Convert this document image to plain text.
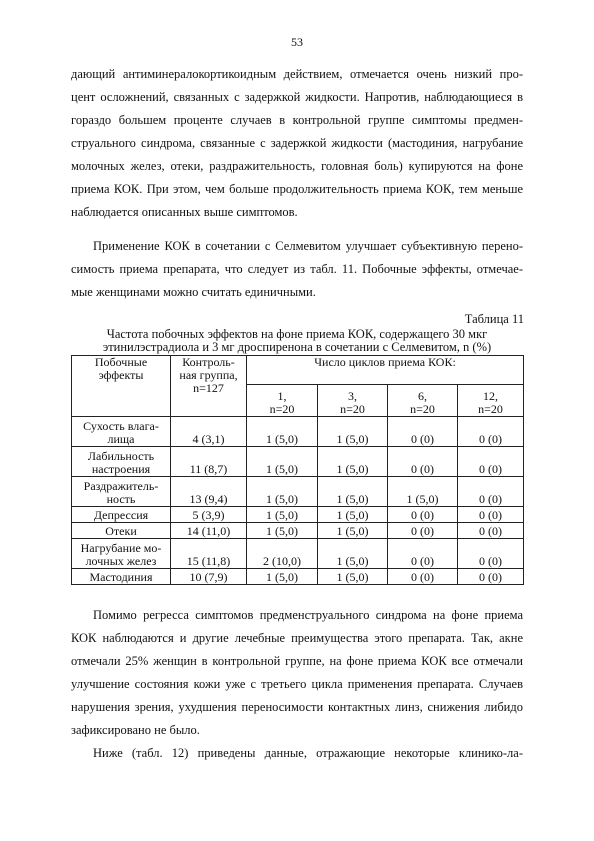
53
дающий антиминералокортикоидным действием, отмечается очень низкий про-
цент осложнений, связанных с задержкой жидкости. Напротив, наблюдающиеся в
гораздо большем проценте случаев в контрольной группе симптомы предмен-
струального синдрома, связанные с задержкой жидкости (мастодиния, нагрубание
молочных желез, отеки, раздражительность, головная боль) купируются на фоне
приема КОК. При этом, чем больше продолжительность приема КОК, тем меньше
наблюдается описанных выше симптомов.
Применение КОК в сочетании с Селмевитом улучшает субъективную перено-
симость приема препарата, что следует из табл. 11. Побочные эффекты, отмечае-
мые женщинами можно считать единичными.
Таблица 11
Частота побочных эффектов на фоне приема КОК, содержащего 30 мкг
этинилэстрадиола и 3 мг дроспиренона в сочетании с Селмевитом, n (%)
Побочные
эффекты	Контроль-
ная группа,
n=127	Число циклов приема КОК:			

		1,
n=20	3,
n=20	6,
n=20	12,
n=20

Сухость влага-
лища	4 (3,1)	1 (5,0)	1 (5,0)	0 (0)	0 (0)

Лабильность
настроения	11 (8,7)	1 (5,0)	1 (5,0)	0 (0)	0 (0)

Раздражитель-
ность	13 (9,4)	1 (5,0)	1 (5,0)	1 (5,0)	0 (0)

Депрессия	5 (3,9)	1 (5,0)	1 (5,0)	0 (0)	0 (0)

Отеки	14 (11,0)	1 (5,0)	1 (5,0)	0 (0)	0 (0)

Нагрубание мо-
лочных желез	15 (11,8)	2 (10,0)	1 (5,0)	0 (0)	0 (0)

Мастодиния	10 (7,9)	1 (5,0)	1 (5,0)	0 (0)	0 (0)
Помимо регресса симптомов предменструального синдрома на фоне приема
КОК наблюдаются и другие лечебные преимущества этого препарата. Так, акне
отмечали 25% женщин в контрольной группе, на фоне приема КОК все отмечали
улучшение состояния кожи уже с третьего цикла применения препарата. Случаев
нарушения зрения, ухудшения переносимости контактных линз, снижения либидо
зафиксировано не было.
Ниже (табл. 12) приведены данные, отражающие некоторые клинико-ла-
